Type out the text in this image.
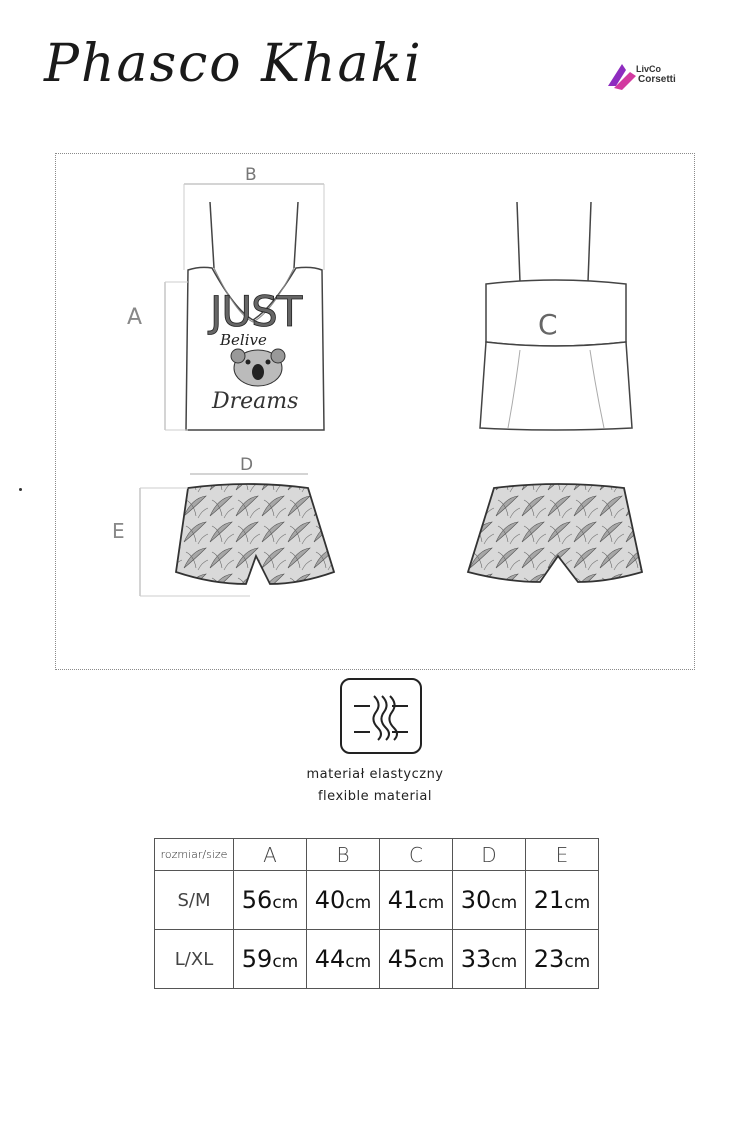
Phasco Khaki	LivCo
Corsetti
JUST
Belive
Dreams
B
A	C
D
E
materiał elastyczny
flexible material
rozmiar/size	A	B	C	D	E
S/M	56cm	40cm	41cm	30cm	21cm
L/XL	59cm	44cm	45cm	33cm	23cm
